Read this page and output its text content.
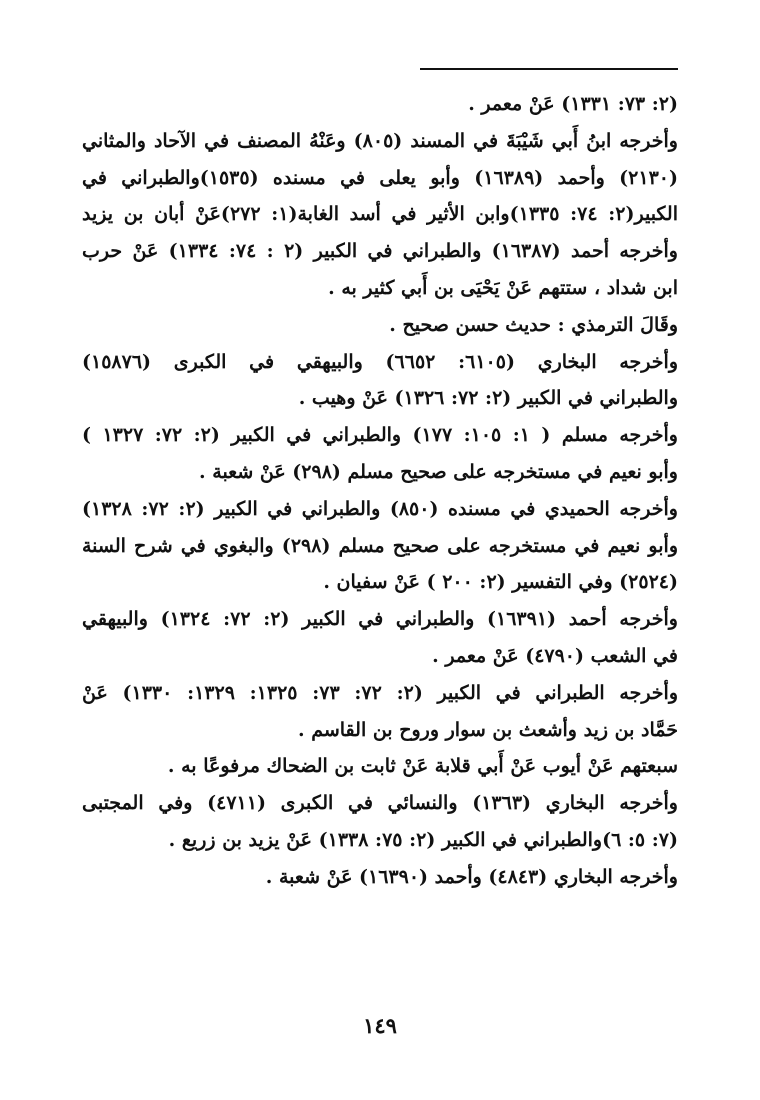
(٢: ٧٣: ١٣٣١) عَنْ معمر .
وأخرجه ابنُ أَبي شَيْبَةَ في المسند (٨٠٥) وعَنْهُ المصنف في الآحاد والمثاني
(٢١٣٠) وأحمد (١٦٣٨٩) وأبو يعلى في مسنده (١٥٣٥)والطبراني في
الكبير(٢: ٧٤: ١٣٣٥)وابن الأثير في أسد الغابة(١: ٢٧٢)عَنْ أبان بن يزيد
وأخرجه أحمد (١٦٣٨٧) والطبراني في الكبير (٢ : ٧٤: ١٣٣٤) عَنْ حرب
ابن شداد ، ستتهم عَنْ يَحْيَى بن أَبي كثير به .
وقَالَ الترمذي : حديث حسن صحيح .
وأخرجه البخاري (٦١٠٥: ٦٦٥٢) والبيهقي في الكبرى (١٥٨٧٦)
والطبراني في الكبير (٢: ٧٢: ١٣٢٦) عَنْ وهيب .
وأخرجه مسلم ( ١: ١٠٥: ١٧٧) والطبراني في الكبير (٢: ٧٢: ١٣٢٧ )
وأبو نعيم في مستخرجه على صحيح مسلم (٢٩٨) عَنْ شعبة .
وأخرجه الحميدي في مسنده (٨٥٠) والطبراني في الكبير (٢: ٧٢: ١٣٢٨)
وأبو نعيم في مستخرجه على صحيح مسلم (٢٩٨) والبغوي في شرح السنة
(٢٥٢٤) وفي التفسير (٢: ٢٠٠ ) عَنْ سفيان .
وأخرجه أحمد (١٦٣٩١) والطبراني في الكبير (٢: ٧٢: ١٣٢٤) والبيهقي
في الشعب (٤٧٩٠) عَنْ معمر .
وأخرجه الطبراني في الكبير (٢: ٧٢: ٧٣: ١٣٢٥: ١٣٢٩: ١٣٣٠) عَنْ
حَمَّاد بن زيد وأشعث بن سوار وروح بن القاسم .
سبعتهم عَنْ أيوب عَنْ أَبي قلابة عَنْ ثابت بن الضحاك مرفوعًا به .
وأخرجه البخاري (١٣٦٣) والنسائي في الكبرى (٤٧١١) وفي المجتبى
(٧: ٥: ٦)والطبراني في الكبير (٢: ٧٥: ١٣٣٨) عَنْ يزيد بن زريع .
وأخرجه البخاري (٤٨٤٣) وأحمد (١٦٣٩٠) عَنْ شعبة .
١٤٩
